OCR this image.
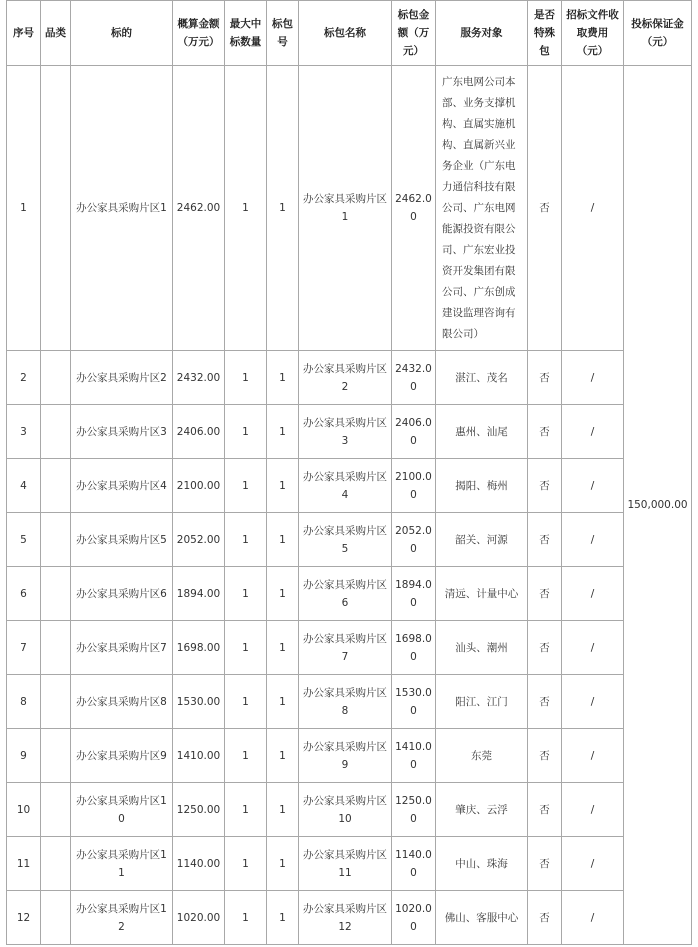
序号	品类	标的	概算金额（万元）	最大中标数量	标包号	标包名称	标包金额（万元）	服务对象	是否特殊包	招标文件收取费用（元）	投标保证金（元）
1		办公家具采购片区1	2462.00	1	1	办公家具采购片区1	2462.00	广东电网公司本部、业务支撑机构、直属实施机构、直属新兴业务企业（广东电力通信科技有限公司、广东电网能源投资有限公司、广东宏业投资开发集团有限公司、广东创成建设监理咨询有限公司）	否	/	150,000.00
2		办公家具采购片区2	2432.00	1	1	办公家具采购片区2	2432.00	湛江、茂名	否	/	
3		办公家具采购片区3	2406.00	1	1	办公家具采购片区3	2406.00	惠州、汕尾	否	/	
4		办公家具采购片区4	2100.00	1	1	办公家具采购片区4	2100.00	揭阳、梅州	否	/	
5		办公家具采购片区5	2052.00	1	1	办公家具采购片区5	2052.00	韶关、河源	否	/	
6		办公家具采购片区6	1894.00	1	1	办公家具采购片区6	1894.00	清远、计量中心	否	/	
7		办公家具采购片区7	1698.00	1	1	办公家具采购片区7	1698.00	汕头、潮州	否	/	
8		办公家具采购片区8	1530.00	1	1	办公家具采购片区8	1530.00	阳江、江门	否	/	
9		办公家具采购片区9	1410.00	1	1	办公家具采购片区9	1410.00	东莞	否	/	
10		办公家具采购片区10	1250.00	1	1	办公家具采购片区10	1250.00	肇庆、云浮	否	/	
11		办公家具采购片区11	1140.00	1	1	办公家具采购片区11	1140.00	中山、珠海	否	/	
12		办公家具采购片区12	1020.00	1	1	办公家具采购片区12	1020.00	佛山、客服中心	否	/	
